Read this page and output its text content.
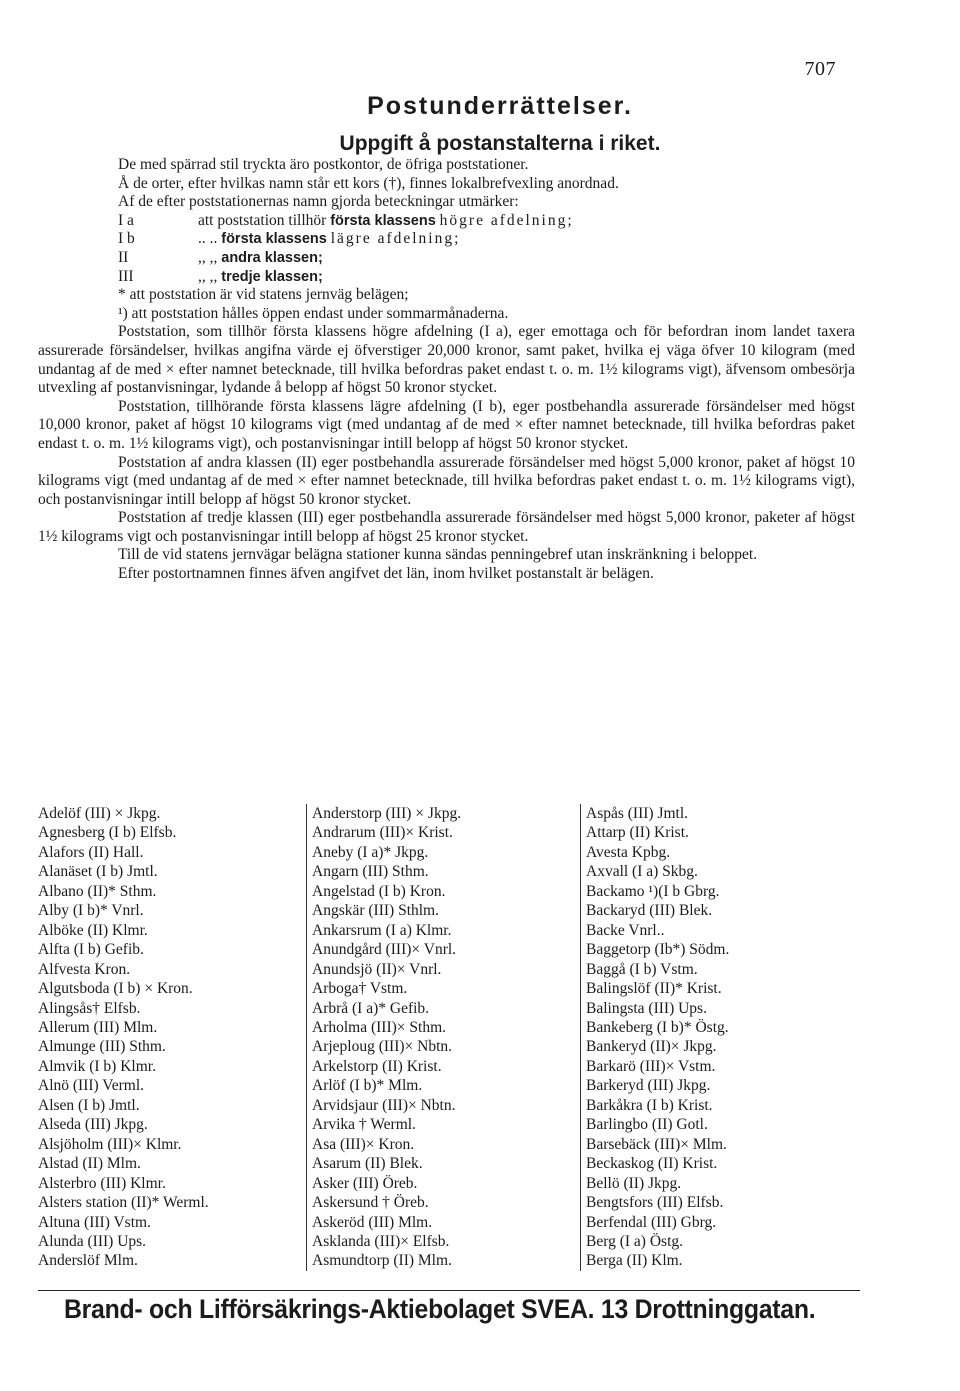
707
Postunderrättelser.
Uppgift å postanstalterna i riket.

De med spärrad stil tryckta äro postkontor, de öfriga poststationer.

Å de orter, efter hvilkas namn står ett kors (†), finnes lokalbrefvexling anordnad.

Af de efter poststationernas namn gjorda beteckningar utmärker:

I a	att poststation tillhör första klassens högre afdelning;
I b	.. .. första klassens lägre afdelning;
II	,, ,, andra klassen;
III	,, ,, tredje klassen;
* att poststation är vid statens jernväg belägen;
¹) att poststation hålles öppen endast under sommarmånaderna.

Poststation, som tillhör första klassens högre afdelning (I a), eger emottaga och för befordran inom landet taxera assurerade försändelser, hvilkas angifna värde ej öfverstiger 20,000 kronor, samt paket, hvilka ej väga öfver 10 kilogram (med undantag af de med × efter namnet betecknade, till hvilka befordras paket endast t. o. m. 1½ kilograms vigt), äfvensom ombesörja utvexling af postanvisningar, lydande å belopp af högst 50 kronor stycket.

Poststation, tillhörande första klassens lägre afdelning (I b), eger postbehandla assurerade försändelser med högst 10,000 kronor, paket af högst 10 kilograms vigt (med undantag af de med × efter namnet betecknade, till hvilka befordras paket endast t. o. m. 1½ kilograms vigt), och postanvisningar intill belopp af högst 50 kronor stycket.

Poststation af andra klassen (II) eger postbehandla assurerade försändelser med högst 5,000 kronor, paket af högst 10 kilograms vigt (med undantag af de med × efter namnet betecknade, till hvilka befordras paket endast t. o. m. 1½ kilograms vigt), och postanvisningar intill belopp af högst 50 kronor stycket.

Poststation af tredje klassen (III) eger postbehandla assurerade försändelser med högst 5,000 kronor, paketer af högst 1½ kilograms vigt och postanvisningar intill belopp af högst 25 kronor stycket.

Till de vid statens jernvägar belägna stationer kunna sändas penningebref utan inskränkning i beloppet.

Efter postortnamnen finnes äfven angifvet det län, inom hvilket postanstalt är belägen.

Adelöf (III) × Jkpg.
Agnesberg (I b) Elfsb.
Alafors (II) Hall.
Alanäset (I b) Jmtl.
Albano (II)* Sthm.
Alby (I b)* Vnrl.
Alböke (II) Klmr.
Alfta (I b) Gefib.
Alfvesta Kron.
Algutsboda (I b) × Kron.
Alingsås† Elfsb.
Allerum (III) Mlm.
Almunge (III) Sthm.
Almvik (I b) Klmr.
Alnö (III) Verml.
Alsen (I b) Jmtl.
Alseda (III) Jkpg.
Alsjöholm (III)× Klmr.
Alstad (II) Mlm.
Alsterbro (III) Klmr.
Alsters station (II)* Werml.
Altuna (III) Vstm.
Alunda (III) Ups.
Anderslöf Mlm.
Anderstorp (III) × Jkpg.
Andrarum (III)× Krist.
Aneby (I a)* Jkpg.
Angarn (III) Sthm.
Angelstad (I b) Kron.
Angskär (III) Sthlm.
Ankarsrum (I a) Klmr.
Anundgård (III)× Vnrl.
Anundsjö (II)× Vnrl.
Arboga† Vstm.
Arbrå (I a)* Gefib.
Arholma (III)× Sthm.
Arjeploug (III)× Nbtn.
Arkelstorp (II) Krist.
Arlöf (I b)* Mlm.
Arvidsjaur (III)× Nbtn.
Arvika † Werml.
Asa (III)× Kron.
Asarum (II) Blek.
Asker (III) Öreb.
Askersund † Öreb.
Askeröd (III) Mlm.
Asklanda (III)× Elfsb.
Asmundtorp (II) Mlm.
Aspås (III) Jmtl.
Attarp (II) Krist.
Avesta Kpbg.
Axvall (I a) Skbg.
Backamo ¹)(I b Gbrg.
Backaryd (III) Blek.
Backe Vnrl..
Baggetorp (Ib*) Södm.
Baggå (I b) Vstm.
Balingslöf (II)* Krist.
Balingsta (III) Ups.
Bankeberg (I b)* Östg.
Bankeryd (II)× Jkpg.
Barkarö (III)× Vstm.
Barkeryd (III) Jkpg.
Barkåkra (I b) Krist.
Barlingbo (II) Gotl.
Barsebäck (III)× Mlm.
Beckaskog (II) Krist.
Bellö (II) Jkpg.
Bengtsfors (III) Elfsb.
Berfendal (III) Gbrg.
Berg (I a) Östg.
Berga (II) Klm.
Brand- och Lifförsäkrings-Aktiebolaget SVEA. 13 Drottninggatan.
